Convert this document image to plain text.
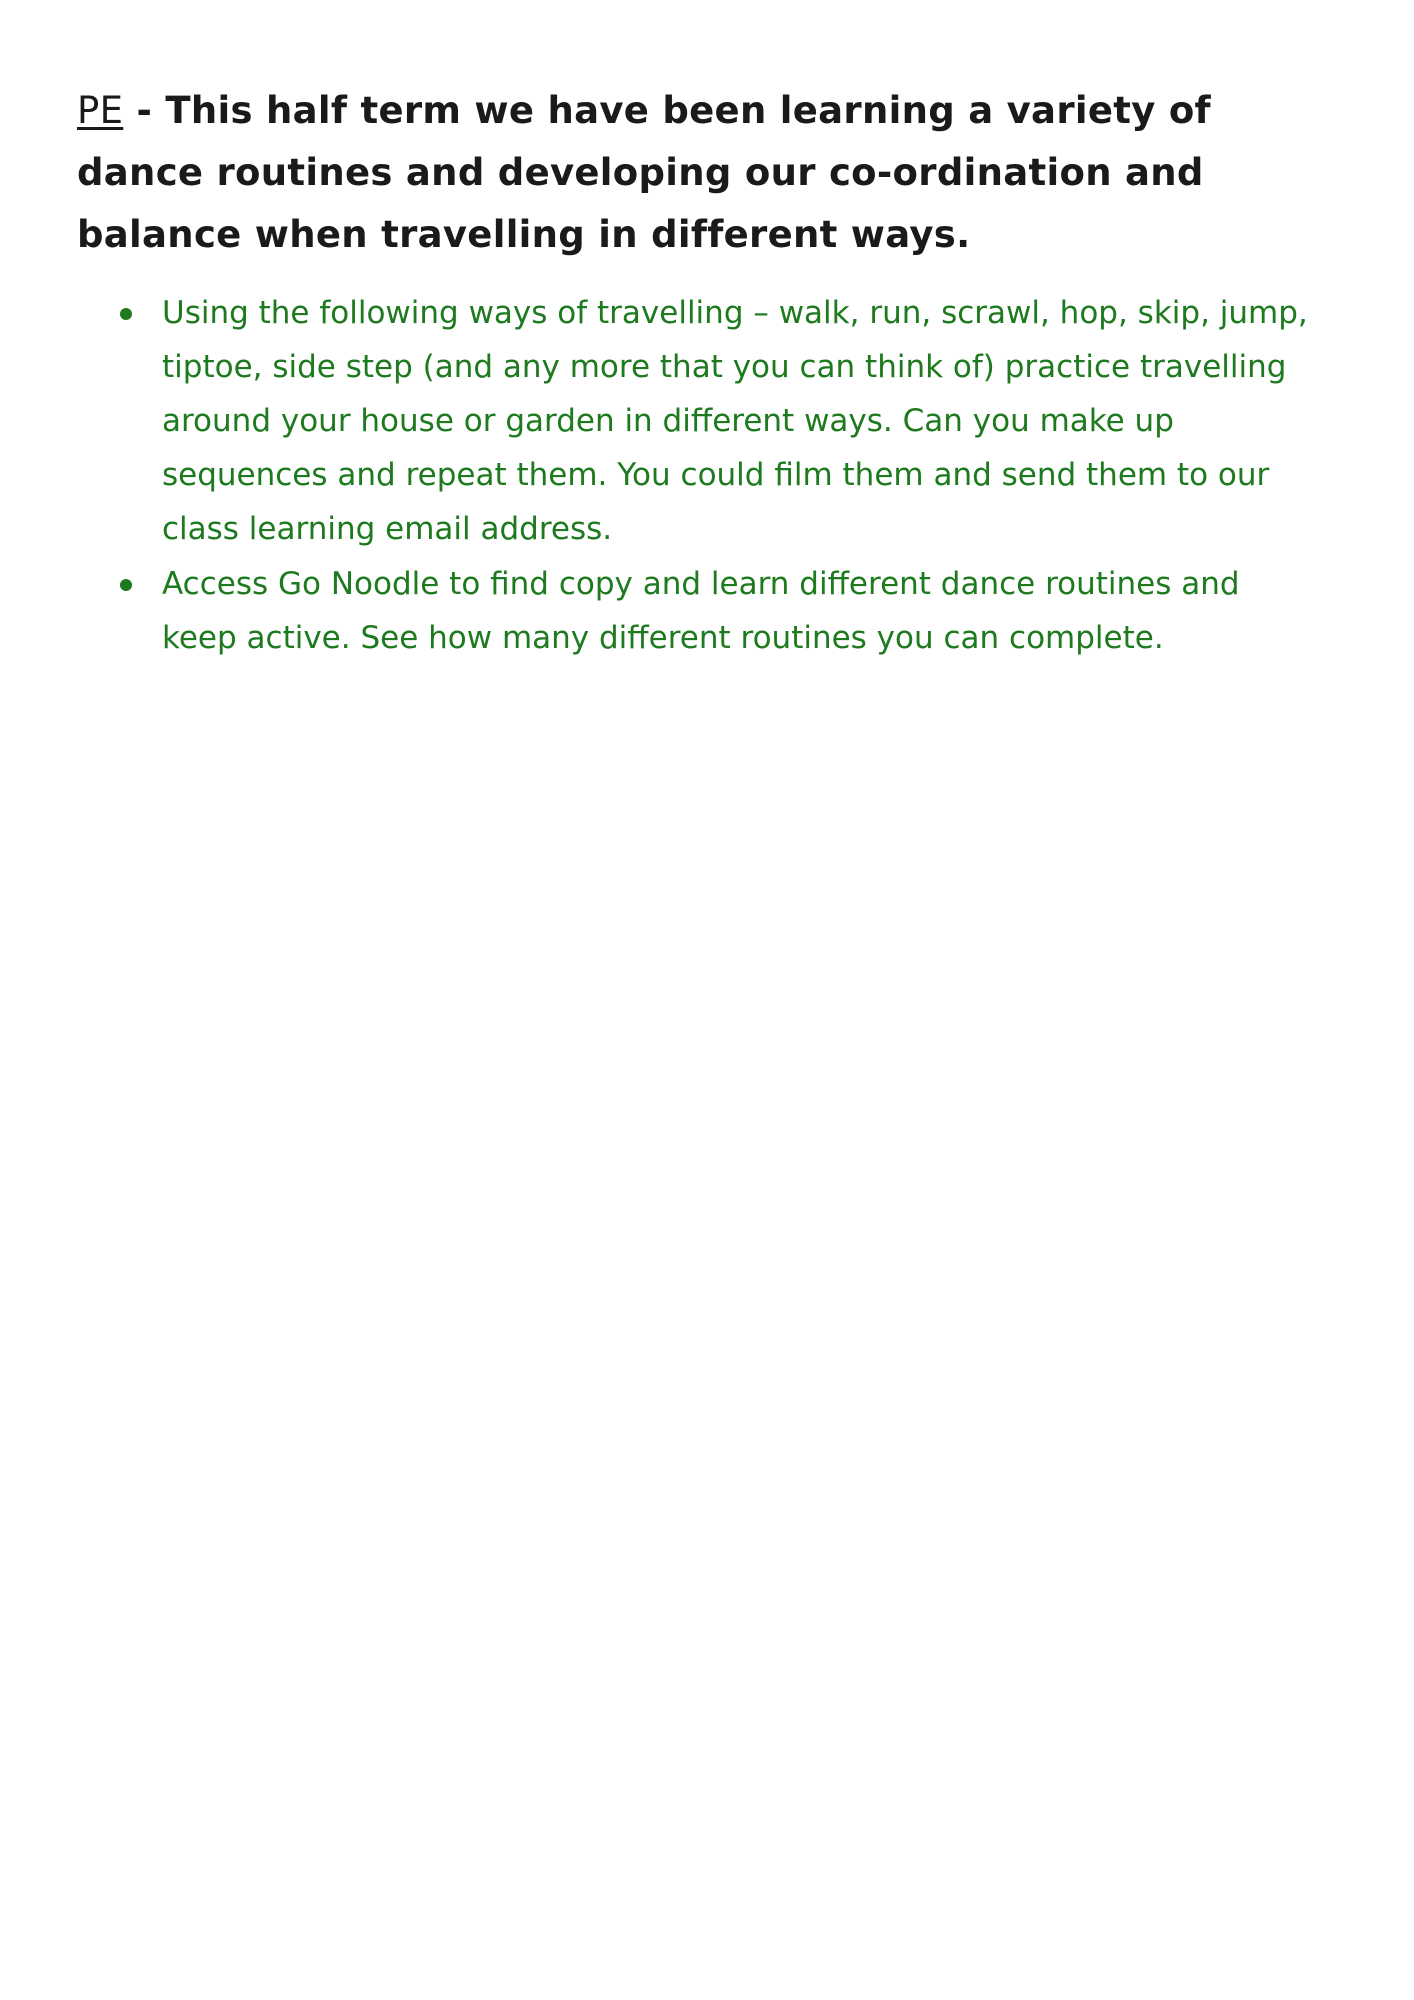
PE - This half term we have been learning a variety of dance routines and developing our co-ordination and balance when travelling in different ways.

Using the following ways of travelling – walk, run, scrawl, hop, skip, jump, tiptoe, side step (and any more that you can think of) practice travelling around your house or garden in different ways. Can you make up sequences and repeat them. You could film them and send them to our class learning email address.
Access Go Noodle to find copy and learn different dance routines and keep active. See how many different routines you can complete.
